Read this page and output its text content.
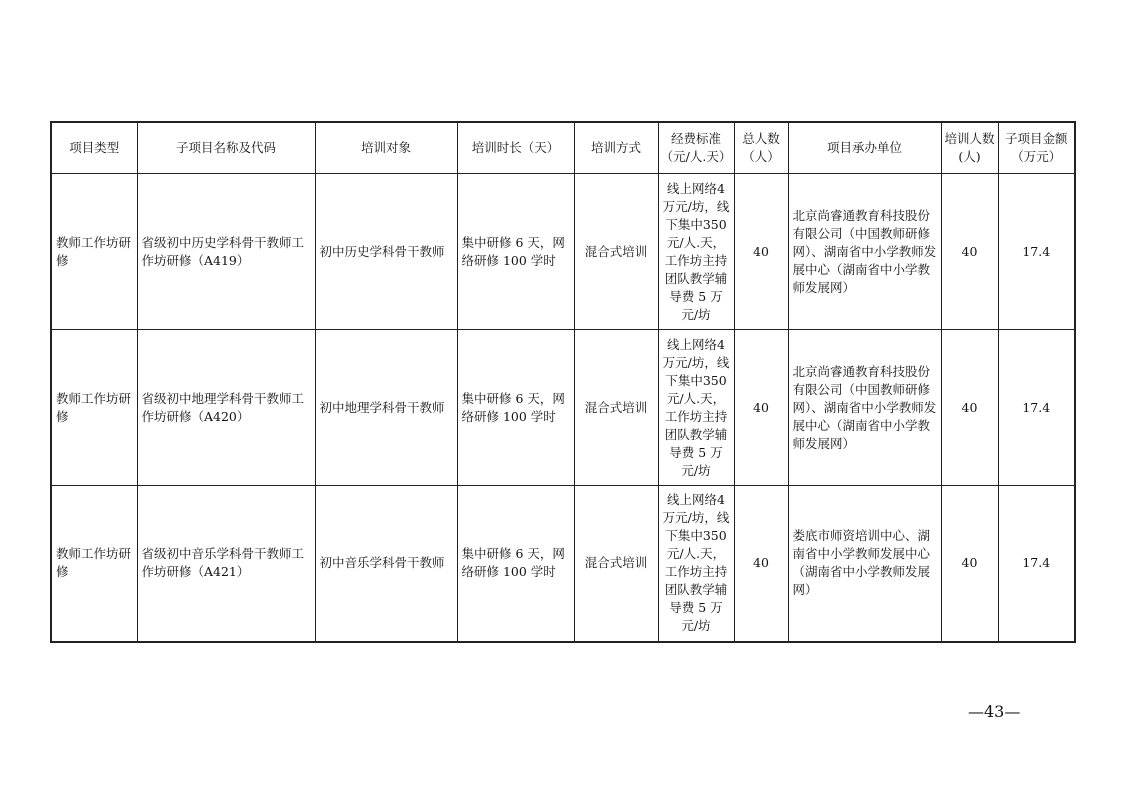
项目类型	子项目名称及代码	培训对象	培训时长（天）	培训方式	经费标准（元/人.天）	总人数（人）	项目承办单位	培训人数(人)	子项目金额（万元）
教师工作坊研修	省级初中历史学科骨干教师工作坊研修（A419）	初中历史学科骨干教师	集中研修 6 天，网络研修 100 学时	混合式培训	线上网络4万元/坊，线下集中350元/人.天，工作坊主持团队教学辅导费 5 万元/坊	40	北京尚睿通教育科技股份有限公司（中国教师研修网）、湖南省中小学教师发展中心（湖南省中小学教师发展网）	40	17.4
教师工作坊研修	省级初中地理学科骨干教师工作坊研修（A420）	初中地理学科骨干教师	集中研修 6 天，网络研修 100 学时	混合式培训	线上网络4万元/坊，线下集中350元/人.天，工作坊主持团队教学辅导费 5 万元/坊	40	北京尚睿通教育科技股份有限公司（中国教师研修网）、湖南省中小学教师发展中心（湖南省中小学教师发展网）	40	17.4
教师工作坊研修	省级初中音乐学科骨干教师工作坊研修（A421）	初中音乐学科骨干教师	集中研修 6 天，网络研修 100 学时	混合式培训	线上网络4万元/坊，线下集中350元/人.天，工作坊主持团队教学辅导费 5 万元/坊	40	娄底市师资培训中心、湖南省中小学教师发展中心（湖南省中小学教师发展网）	40	17.4
—43—
